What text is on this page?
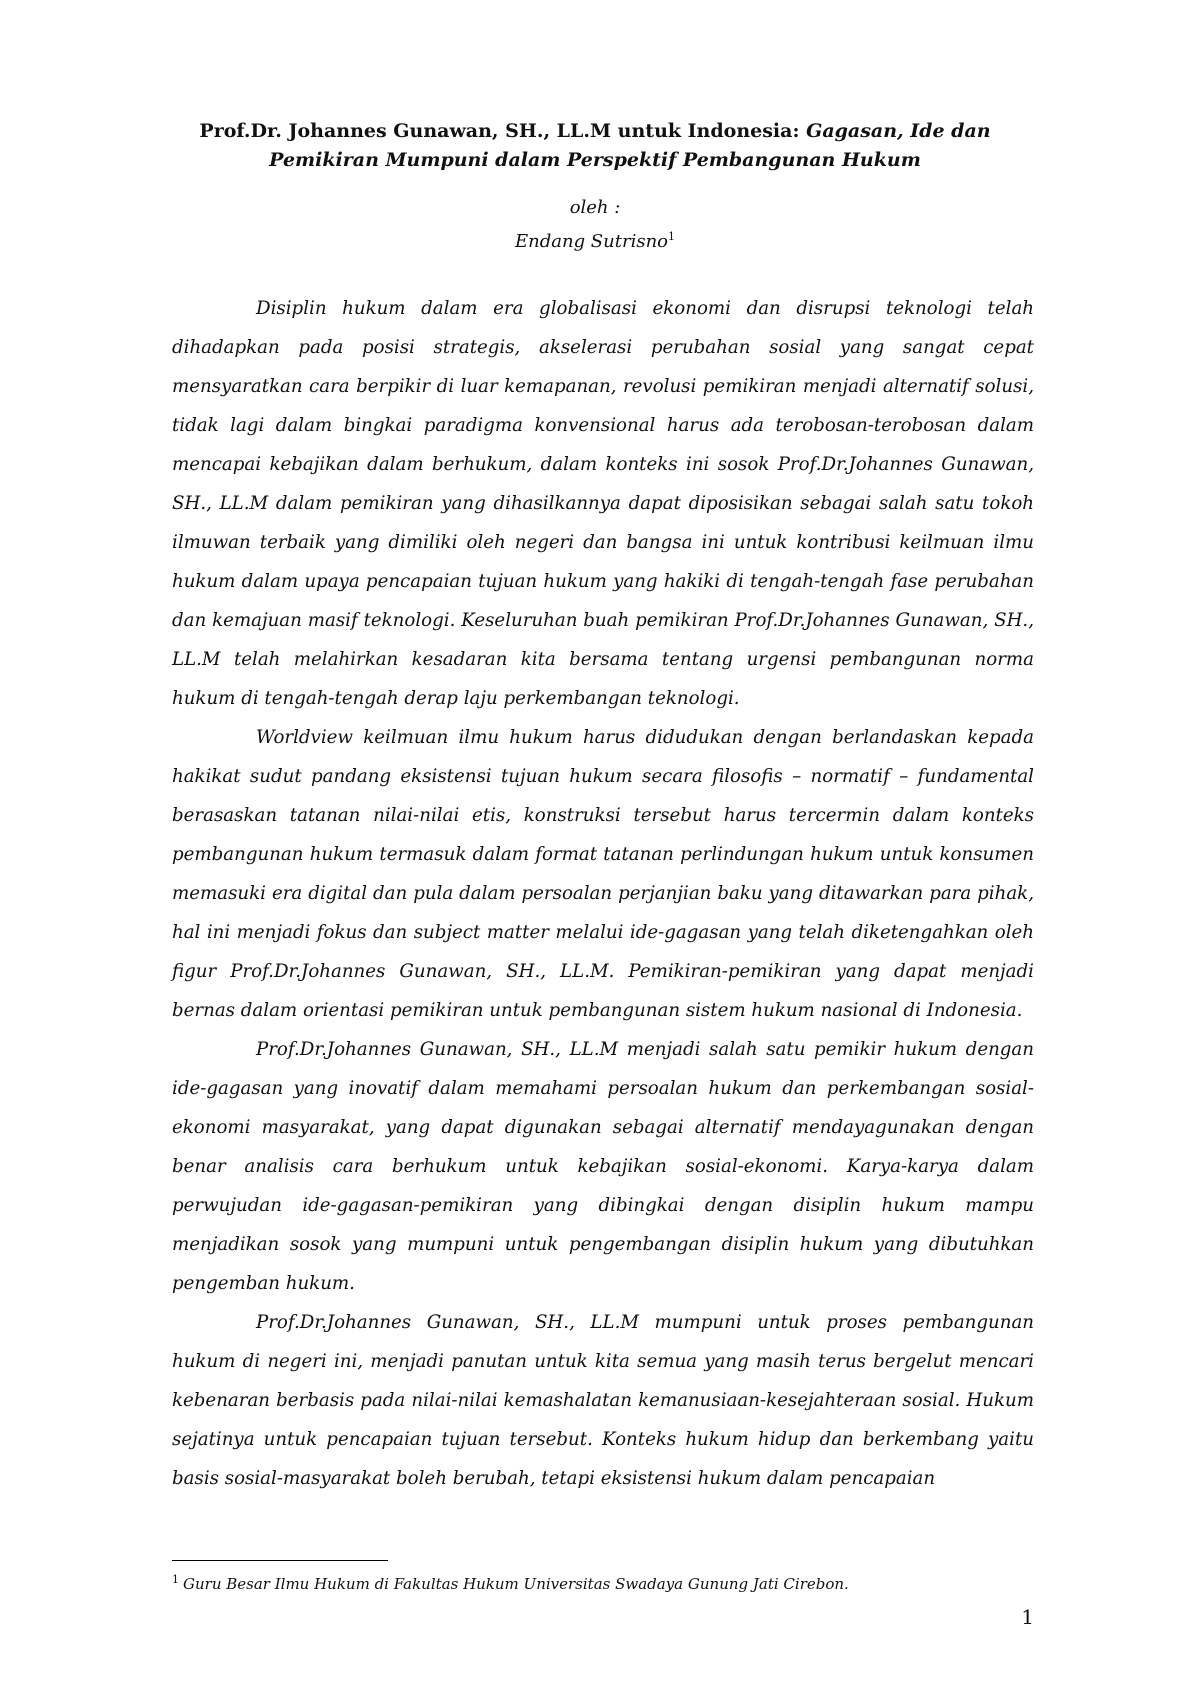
Prof.Dr. Johannes Gunawan, SH., LL.M untuk Indonesia: Gagasan, Ide dan Pemikiran Mumpuni dalam Perspektif Pembangunan Hukum
oleh :
Endang Sutrisno$^1$

Disiplin hukum dalam era globalisasi ekonomi dan disrupsi teknologi telah dihadapkan pada posisi strategis, akselerasi perubahan sosial yang sangat cepat mensyaratkan cara berpikir di luar kemapanan, revolusi pemikiran menjadi alternatif solusi, tidak lagi dalam bingkai paradigma konvensional harus ada terobosan-terobosan dalam mencapai kebajikan dalam berhukum, dalam konteks ini sosok Prof.Dr.Johannes Gunawan, SH., LL.M dalam pemikiran yang dihasilkannya dapat diposisikan sebagai salah satu tokoh ilmuwan terbaik yang dimiliki oleh negeri dan bangsa ini untuk kontribusi keilmuan ilmu hukum dalam upaya pencapaian tujuan hukum yang hakiki di tengah-tengah fase perubahan dan kemajuan masif teknologi. Keseluruhan buah pemikiran Prof.Dr.Johannes Gunawan, SH., LL.M telah melahirkan kesadaran kita bersama tentang urgensi pembangunan norma hukum di tengah-tengah derap laju perkembangan teknologi.

Worldview keilmuan ilmu hukum harus didudukan dengan berlandaskan kepada hakikat sudut pandang eksistensi tujuan hukum secara filosofis – normatif – fundamental berasaskan tatanan nilai-nilai etis, konstruksi tersebut harus tercermin dalam konteks pembangunan hukum termasuk dalam format tatanan perlindungan hukum untuk konsumen memasuki era digital dan pula dalam persoalan perjanjian baku yang ditawarkan para pihak, hal ini menjadi fokus dan subject matter melalui ide-gagasan yang telah diketengahkan oleh figur Prof.Dr.Johannes Gunawan, SH., LL.M. Pemikiran-pemikiran yang dapat menjadi bernas dalam orientasi pemikiran untuk pembangunan sistem hukum nasional di Indonesia.

Prof.Dr.Johannes Gunawan, SH., LL.M menjadi salah satu pemikir hukum dengan ide-gagasan yang inovatif dalam memahami persoalan hukum dan perkembangan sosial-ekonomi masyarakat, yang dapat digunakan sebagai alternatif mendayagunakan dengan benar analisis cara berhukum untuk kebajikan sosial-ekonomi. Karya-karya dalam perwujudan ide-gagasan-pemikiran yang dibingkai dengan disiplin hukum mampu menjadikan sosok yang mumpuni untuk pengembangan disiplin hukum yang dibutuhkan pengemban hukum.

Prof.Dr.Johannes Gunawan, SH., LL.M mumpuni untuk proses pembangunan hukum di negeri ini, menjadi panutan untuk kita semua yang masih terus bergelut mencari kebenaran berbasis pada nilai-nilai kemashalatan kemanusiaan-kesejahteraan sosial. Hukum sejatinya untuk pencapaian tujuan tersebut. Konteks hukum hidup dan berkembang yaitu basis sosial-masyarakat boleh berubah, tetapi eksistensi hukum dalam pencapaian

$^1$ Guru Besar Ilmu Hukum di Fakultas Hukum Universitas Swadaya Gunung Jati Cirebon.
1
